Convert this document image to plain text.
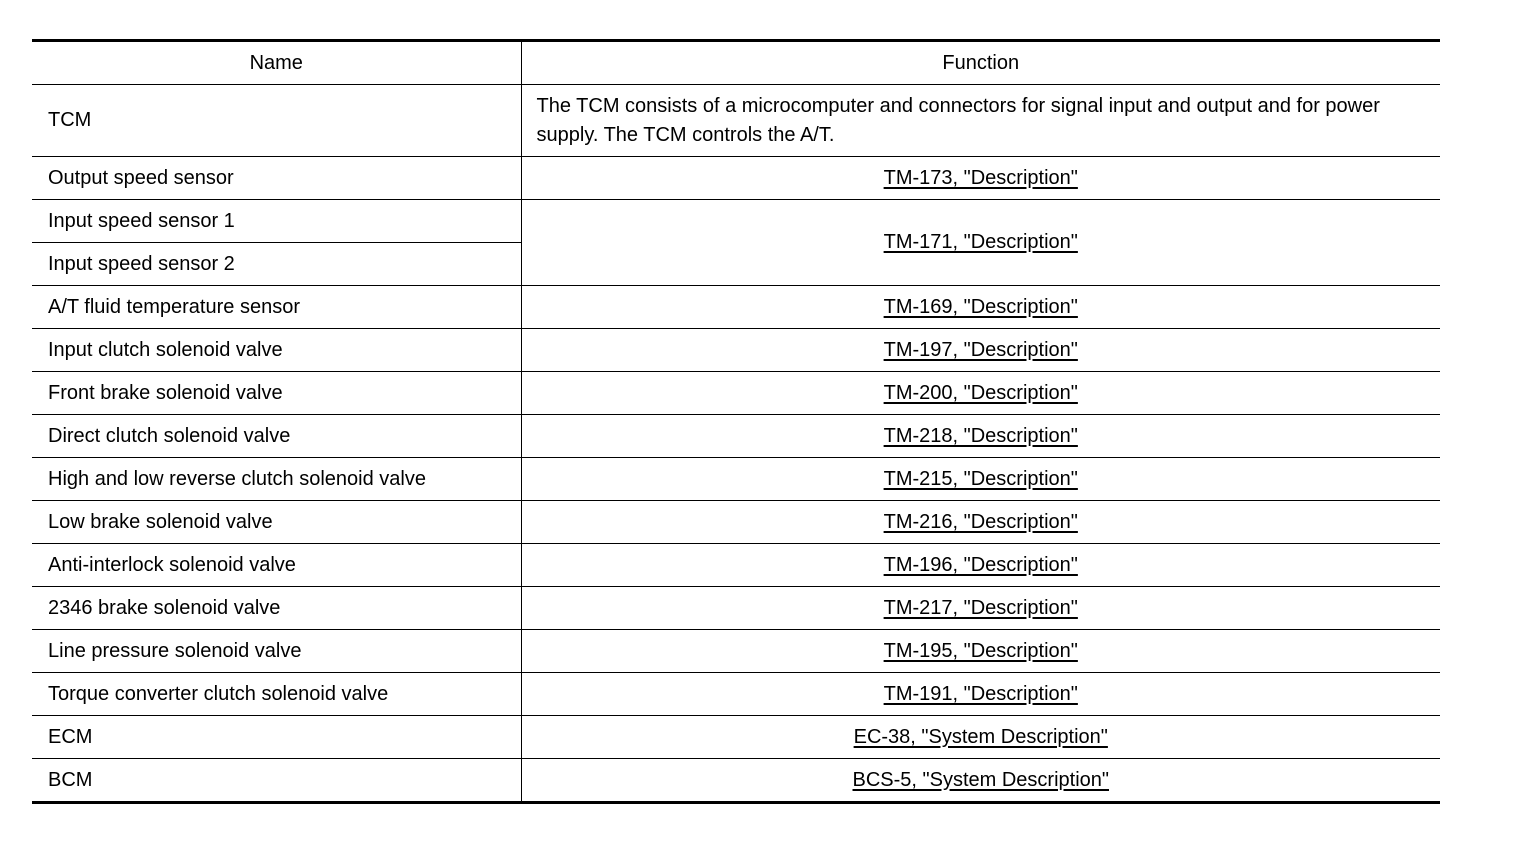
Name	Function
TCM	The TCM consists of a microcomputer and connectors for signal input and output and for power supply. The TCM controls the A/T.
Output speed sensor	TM-173, "Description"
Input speed sensor 1	TM-171, "Description"
Input speed sensor 2	
A/T fluid temperature sensor	TM-169, "Description"
Input clutch solenoid valve	TM-197, "Description"
Front brake solenoid valve	TM-200, "Description"
Direct clutch solenoid valve	TM-218, "Description"
High and low reverse clutch solenoid valve	TM-215, "Description"
Low brake solenoid valve	TM-216, "Description"
Anti-interlock solenoid valve	TM-196, "Description"
2346 brake solenoid valve	TM-217, "Description"
Line pressure solenoid valve	TM-195, "Description"
Torque converter clutch solenoid valve	TM-191, "Description"
ECM	EC-38, "System Description"
BCM	BCS-5, "System Description"
